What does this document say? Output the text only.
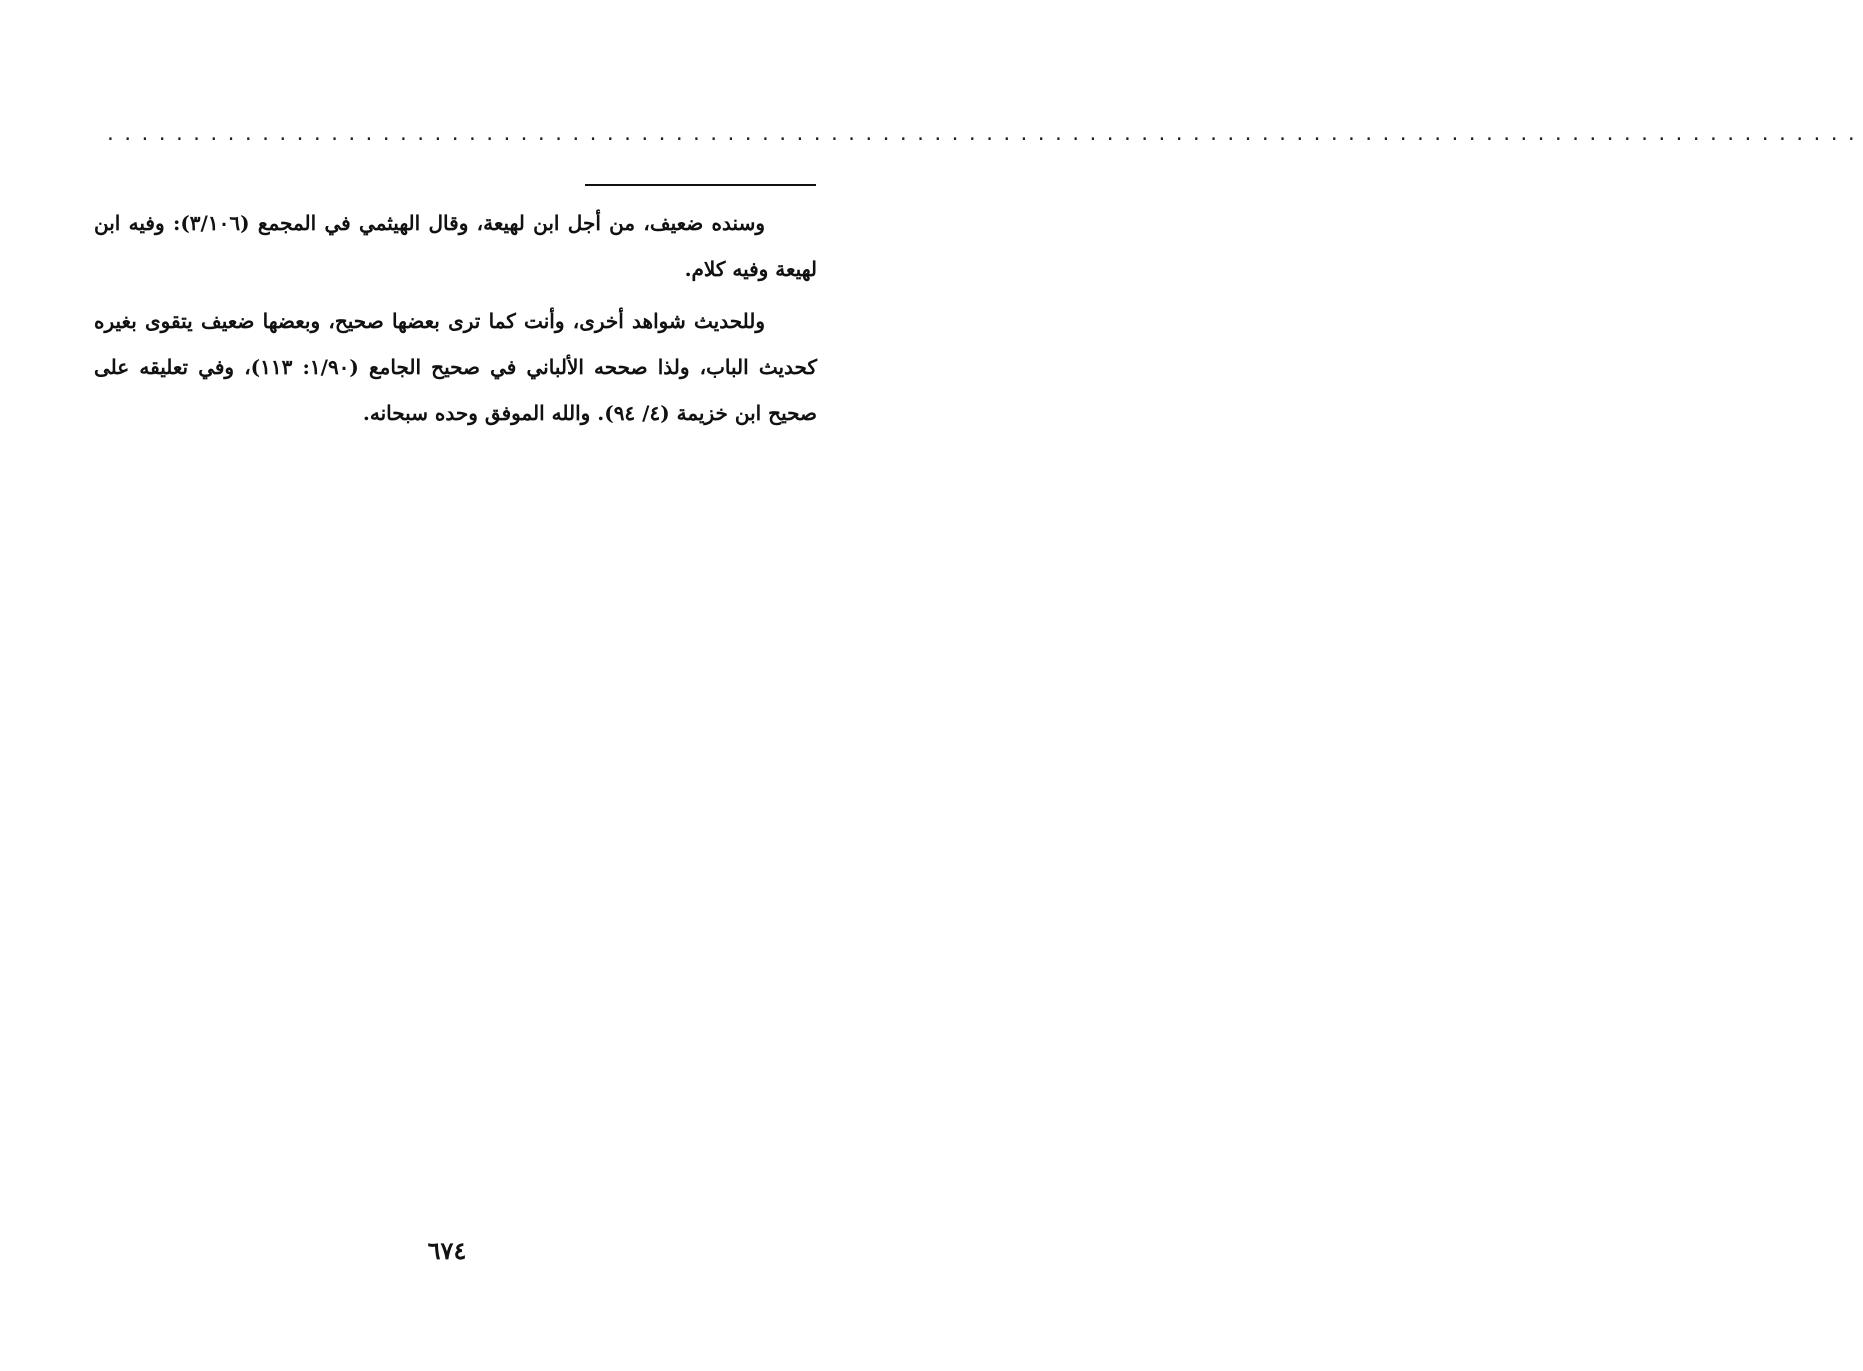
......................................................................................................

وسنده ضعيف، من أجل ابن لهيعة، وقال الهيثمي في المجمع (٣/١٠٦): وفيه ابن لهيعة وفيه كلام.

وللحديث شواهد أخرى، وأنت كما ترى بعضها صحيح، وبعضها ضعيف يتقوى بغيره كحديث الباب، ولذا صححه الألباني في صحيح الجامع (١/٩٠: ١١٣)، وفي تعليقه على صحيح ابن خزيمة (٤/ ٩٤). والله الموفق وحده سبحانه.

٦٧٤
